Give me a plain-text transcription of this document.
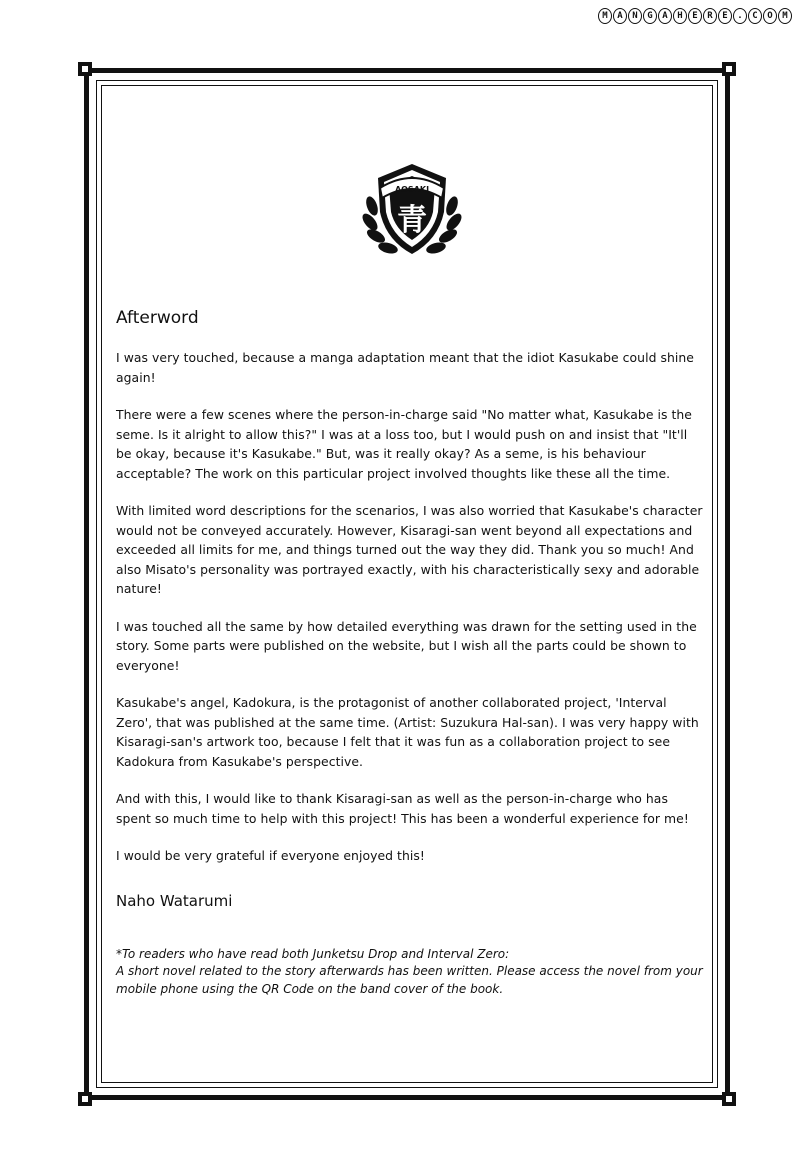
M	A	N	G	A	H	E	R	E	.	C	O	M
AOSAKI
青
Afterword

I was very touched, because a manga adaptation meant that the idiot Kasukabe could shine again!

There were a few scenes where the person-in-charge said "No matter what, Kasukabe is the seme. Is it alright to allow this?" I was at a loss too, but I would push on and insist that "It'll be okay, because it's Kasukabe." But, was it really okay? As a seme, is his behaviour acceptable? The work on this particular project involved thoughts like these all the time.

With limited word descriptions for the scenarios, I was also worried that Kasukabe's character would not be conveyed accurately. However, Kisaragi-san went beyond all expectations and exceeded all limits for me, and things turned out the way they did. Thank you so much! And also Misato's personality was portrayed exactly, with his characteristically sexy and adorable nature!

I was touched all the same by how detailed everything was drawn for the setting used in the story. Some parts were published on the website, but I wish all the parts could be shown to everyone!

Kasukabe's angel, Kadokura, is the protagonist of another collaborated project, 'Interval Zero', that was published at the same time. (Artist: Suzukura Hal-san). I was very happy with Kisaragi-san's artwork too, because I felt that it was fun as a collaboration project to see Kadokura from Kasukabe's perspective.

And with this, I would like to thank Kisaragi-san as well as the person-in-charge who has spent so much time to help with this project! This has been a wonderful experience for me!

I would be very grateful if everyone enjoyed this!

Naho Watarumi

*To readers who have read both Junketsu Drop and Interval Zero:
A short novel related to the story afterwards has been written. Please access the novel from your mobile phone using the QR Code on the band cover of the book.
